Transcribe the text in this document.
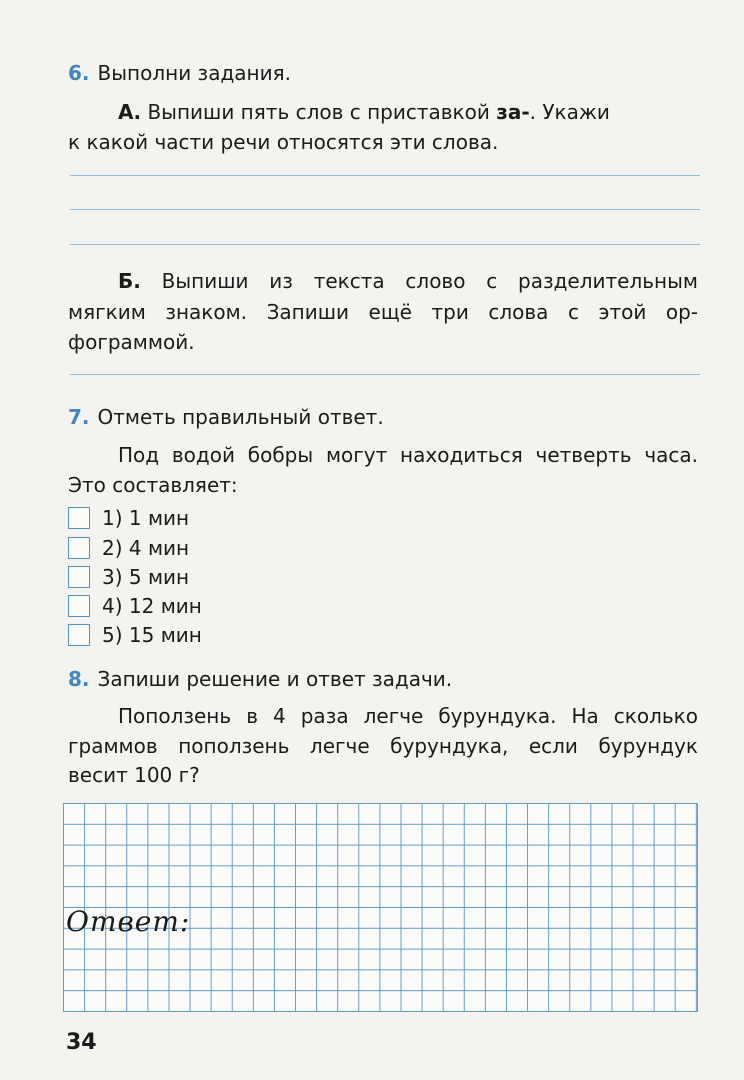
6. Выполни задания.
А. Выпиши пять слов с приставкой за-. Укажи
к какой части речи относятся эти слова.
Б. Выпиши из текста слово с разделительным
мягким знаком. Запиши ещё три слова с этой ор-
фограммой.
7. Отметь правильный ответ.
Под водой бобры могут находиться четверть часа.
Это составляет:
1) 1 мин
2) 4 мин
3) 5 мин
4) 12 мин
5) 15 мин
8. Запиши решение и ответ задачи.
Поползень в 4 раза легче бурундука. На сколько
граммов поползень легче бурундука, если бурундук
весит 100 г?
Ответ:
34
